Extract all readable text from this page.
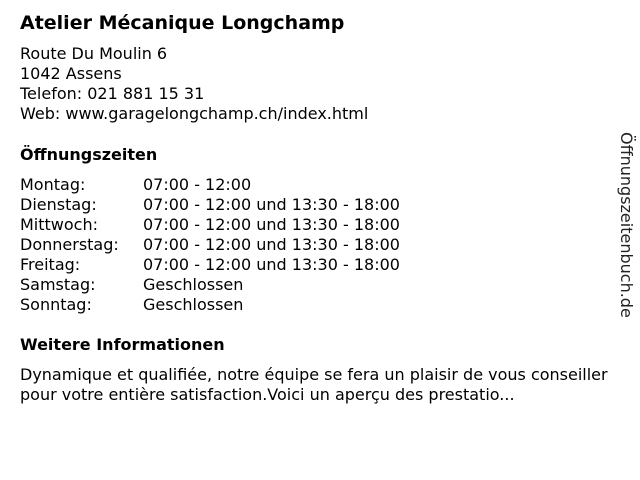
Atelier Mécanique Longchamp
Route Du Moulin 6
1042 Assens
Telefon: 021 881 15 31
Web: www.garagelongchamp.ch/index.html
Öffnungszeiten
Montag:	07:00 - 12:00
Dienstag:	07:00 - 12:00 und 13:30 - 18:00
Mittwoch:	07:00 - 12:00 und 13:30 - 18:00
Donnerstag: 07:00 - 12:00 und 13:30 - 18:00
Freitag:	07:00 - 12:00 und 13:30 - 18:00
Samstag:	Geschlossen
Sonntag:	Geschlossen
Weitere Informationen

Dynamique et qualifiée, notre équipe se fera un plaisir de vous conseiller pour votre entière satisfaction.Voici un aperçu des prestatio...

Öffnungszeitenbuch.de
